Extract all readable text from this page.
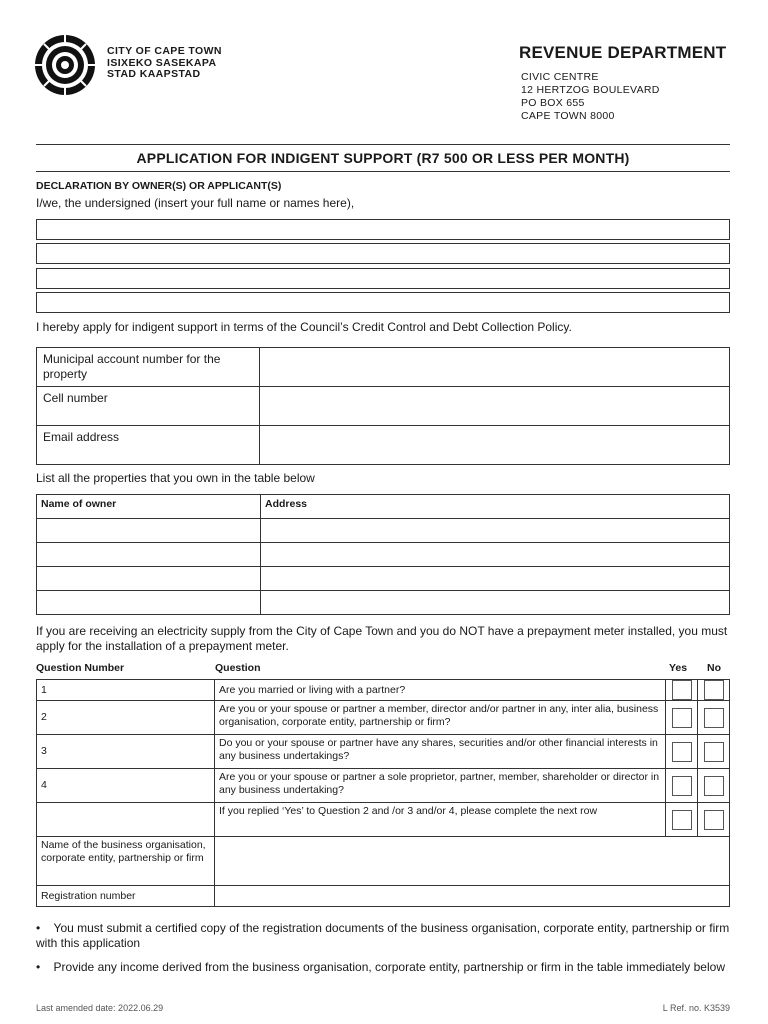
CITY OF CAPE TOWN
ISIXEKO SASEKAPA
STAD KAAPSTAD
REVENUE DEPARTMENT
CIVIC CENTRE
12 HERTZOG BOULEVARD
PO BOX 655
CAPE TOWN 8000
APPLICATION FOR INDIGENT SUPPORT (R7 500 OR LESS PER MONTH)
DECLARATION BY OWNER(S) OR APPLICANT(S)
I/we, the undersigned (insert your full name or names here),
I hereby apply for indigent support in terms of the Council’s Credit Control and Debt Collection Policy.
Municipal account number for the property	
Cell number	
Email address	
List all the properties that you own in the table below
Name of owner	Address

If you are receiving an electricity supply from the City of Cape Town and you do NOT have a prepayment meter installed, you must apply for the installation of a prepayment meter.
Question Number	Question	Yes No
1	Are you married or living with a partner?		
2	Are you or your spouse or partner a member, director and/or partner in any, inter alia, business organisation, corporate entity, partnership or firm?		
3	Do you or your spouse or partner have any shares, securities and/or other financial interests in any business undertakings?		
4	Are you or your spouse or partner a sole proprietor, partner, member, shareholder or director in any business undertaking?		
	If you replied ‘Yes’ to Question 2 and /or 3 and/or 4, please complete the next row		
Name of the business organisation, corporate entity, partnership or firm			
Registration number			
•    You must submit a certified copy of the registration documents of the business organisation, corporate entity, partnership or firm with this application
•    Provide any income derived from the business organisation, corporate entity, partnership or firm in the table immediately below
Last amended date: 2022.06.29	L Ref. no. K3539
